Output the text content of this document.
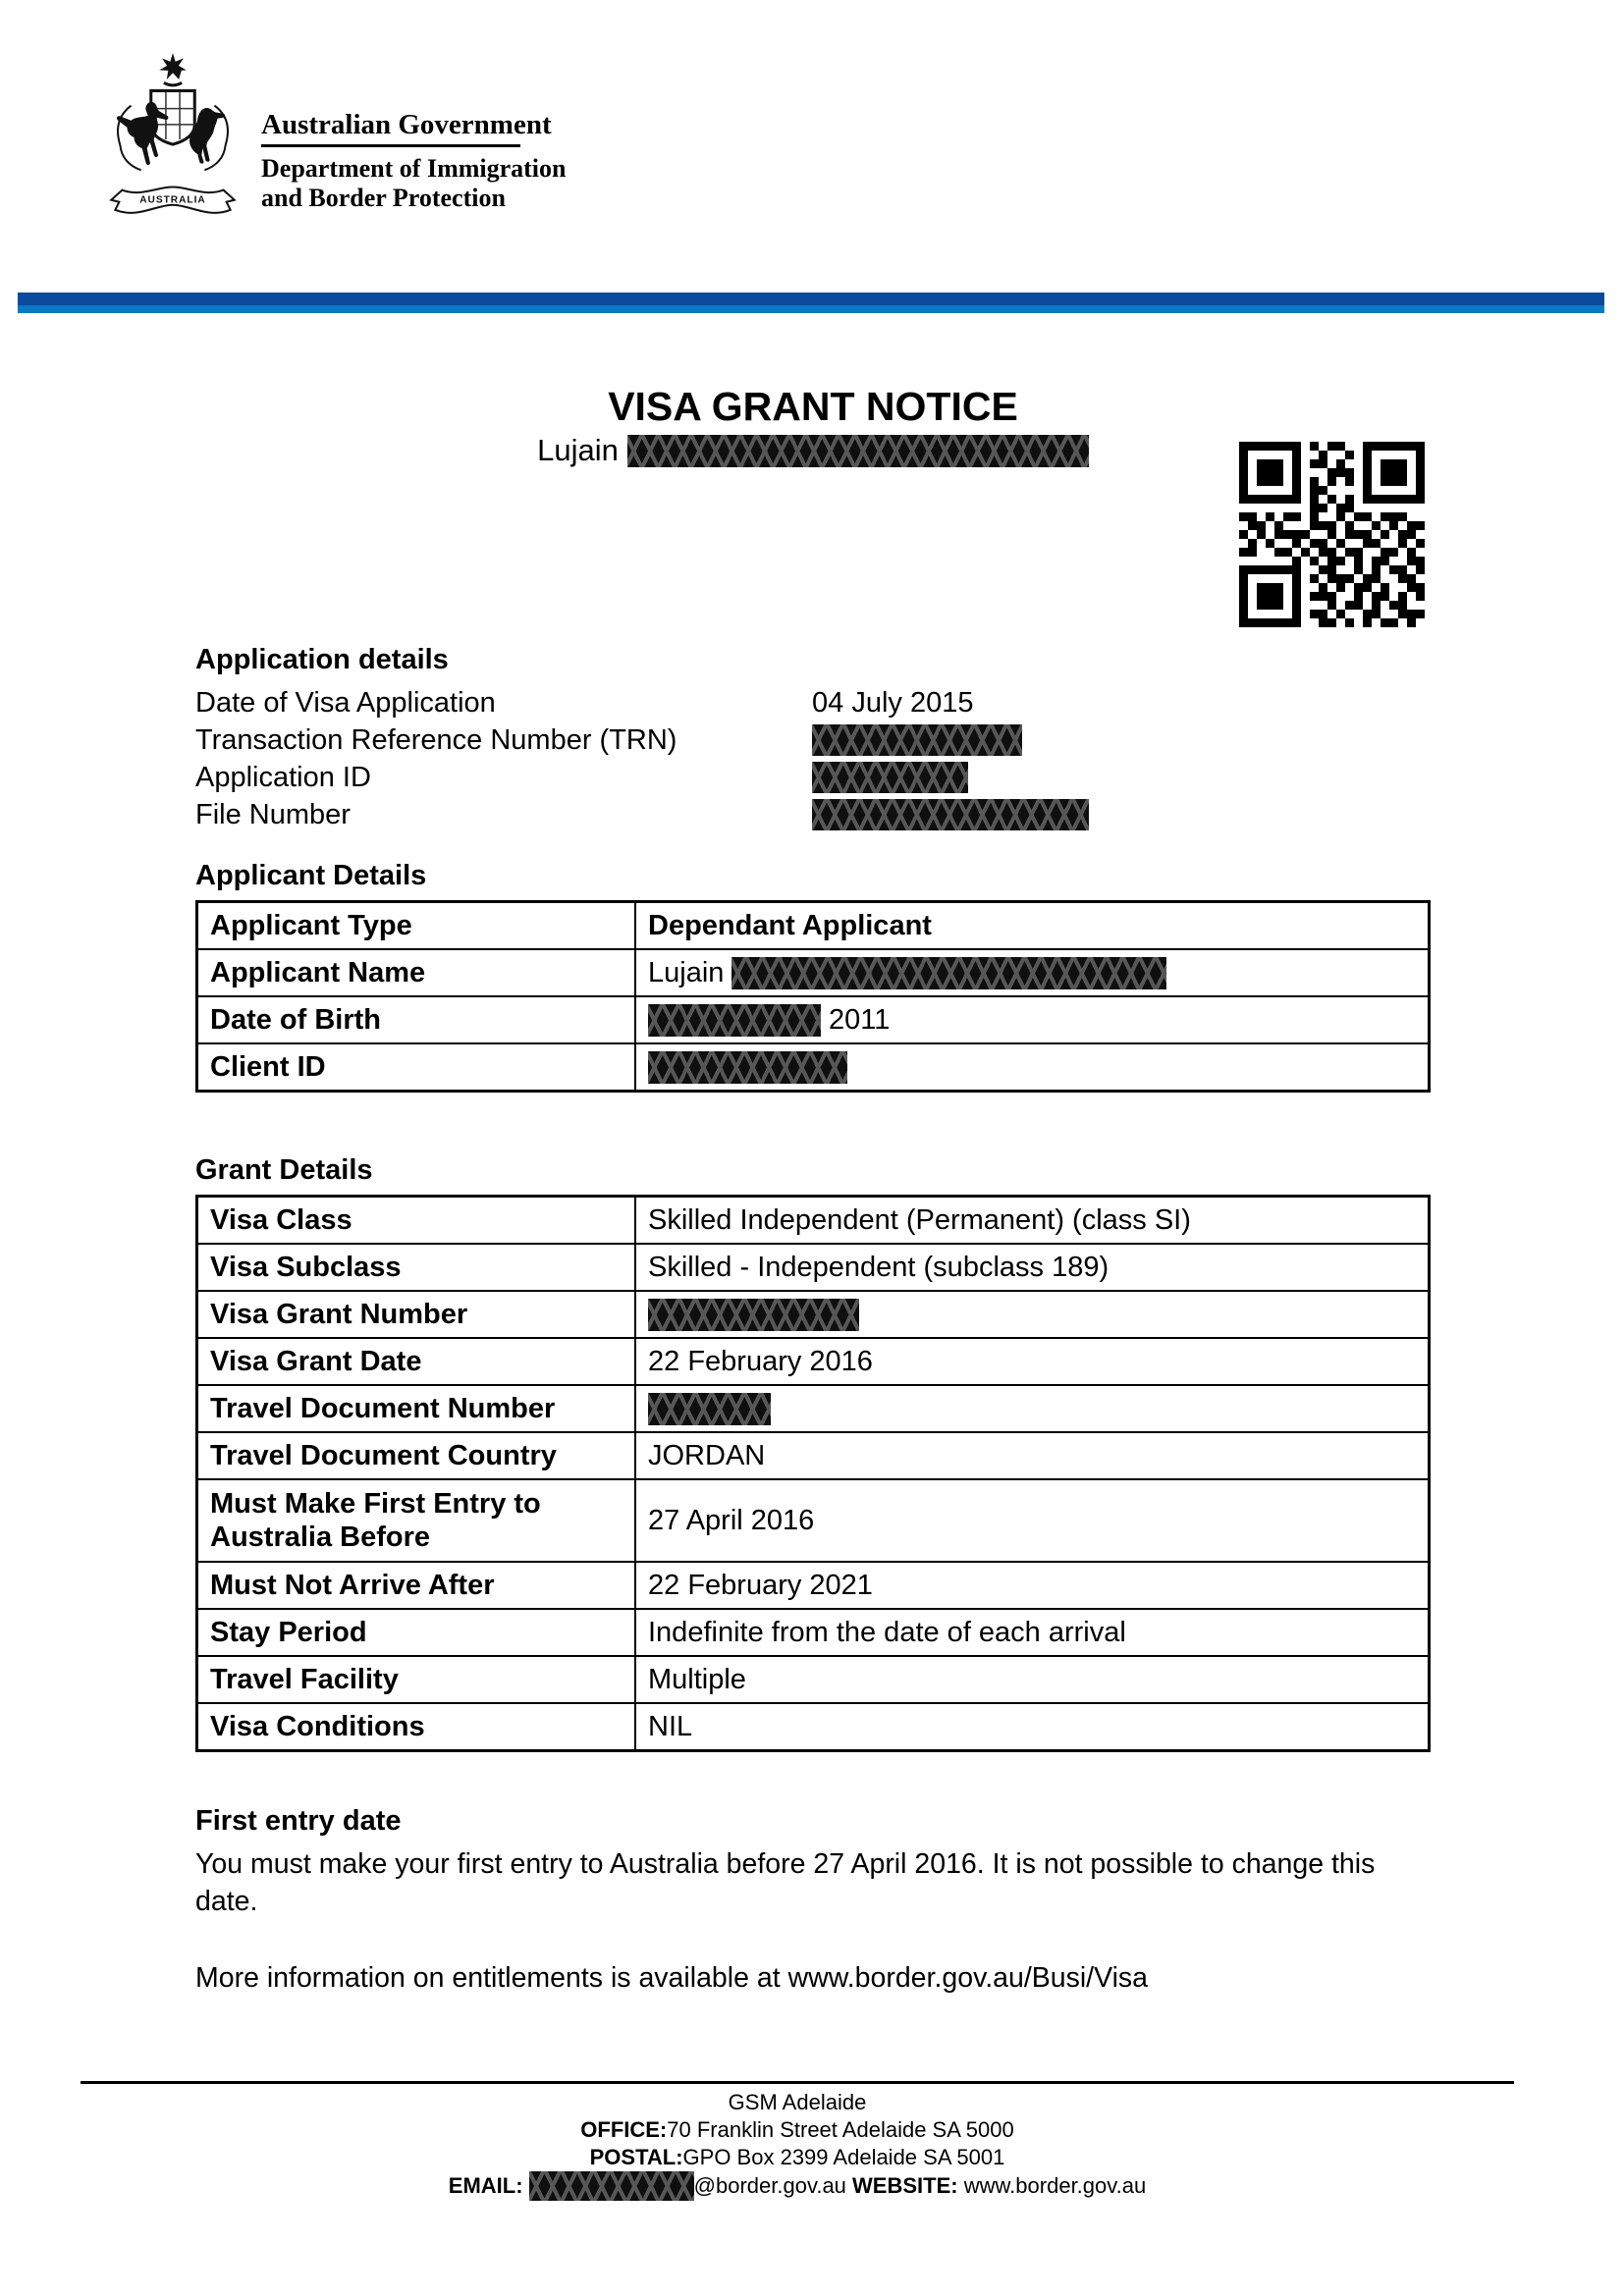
AUSTRALIA
Australian Government
Department of Immigration
and Border Protection
VISA GRANT NOTICE
Lujain
Application details
Date of Visa Application	04 July 2015
Transaction Reference Number (TRN)
Application ID
File Number
Applicant Details
Applicant Type	Dependant Applicant
Applicant Name	Lujain

Date of Birth	2011

Client ID	
Grant Details
Visa Class	Skilled Independent (Permanent) (class SI)
Visa Subclass	Skilled - Independent (subclass 189)
Visa Grant Number	
Visa Grant Date	22 February 2016
Travel Document Number	
Travel Document Country	JORDAN
Must Make First Entry to Australia Before	27 April 2016
Must Not Arrive After	22 February 2021
Stay Period	Indefinite from the date of each arrival
Travel Facility	Multiple
Visa Conditions	NIL
First entry date

You must make your first entry to Australia before 27 April 2016. It is not possible to change this date.

More information on entitlements is available at www.border.gov.au/Busi/Visa

GSM Adelaide
OFFICE:70 Franklin Street Adelaide SA 5000
POSTAL:GPO Box 2399 Adelaide SA 5001
EMAIL:
	@border.gov.au
WEBSITE:
www.border.gov.au
